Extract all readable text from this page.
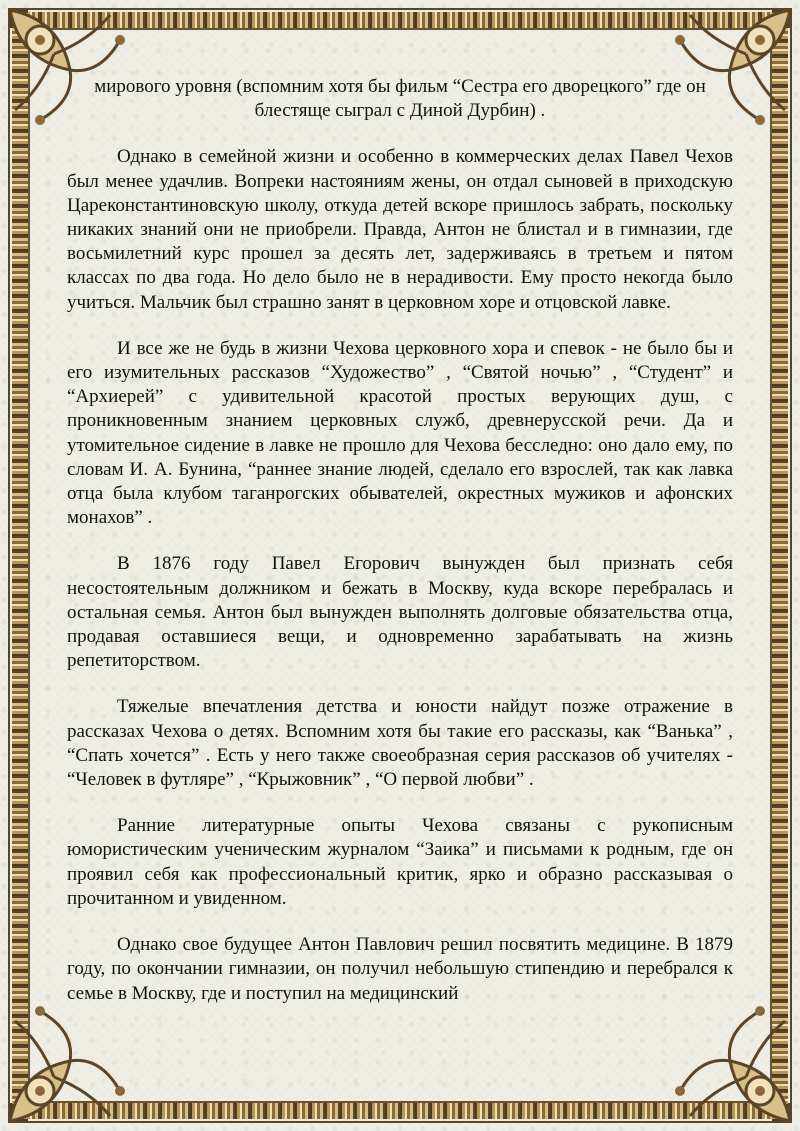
мирового уровня (вспомним хотя бы фильм “Сестра его дворецкого” где он блестяще сыграл с Диной Дурбин) .

Однако в семейной жизни и особенно в коммерческих делах Павел Чехов был менее удачлив. Вопреки настояниям жены, он отдал сыновей в приходскую Цареконстантиновскую школу, откуда детей вскоре пришлось забрать, поскольку никаких знаний они не приобрели. Правда, Антон не блистал и в гимназии, где восьмилетний курс прошел за десять лет, задерживаясь в третьем и пятом классах по два года. Но дело было не в нерадивости. Ему просто некогда было учиться. Мальчик был страшно занят в церковном хоре и отцовской лавке.

И все же не будь в жизни Чехова церковного хора и спевок - не было бы и его изумительных рассказов “Художество” , “Святой ночью” , “Студент” и “Архиерей” с удивительной красотой простых верующих душ, с проникновенным знанием церковных служб, древнерусской речи. Да и утомительное сидение в лавке не прошло для Чехова бесследно: оно дало ему, по словам И. А. Бунина, “раннее знание людей, сделало его взрослей, так как лавка отца была клубом таганрогских обывателей, окрестных мужиков и афонских монахов” .

В 1876 году Павел Егорович вынужден был признать себя несостоятельным должником и бежать в Москву, куда вскоре перебралась и остальная семья. Антон был вынужден выполнять долговые обязательства отца, продавая оставшиеся вещи, и одновременно зарабатывать на жизнь репетиторством.

Тяжелые впечатления детства и юности найдут позже отражение в рассказах Чехова о детях. Вспомним хотя бы такие его рассказы, как “Ванька” , “Спать хочется” . Есть у него также своеобразная серия рассказов об учителях - “Человек в футляре” , “Крыжовник” , “О первой любви” .

Ранние литературные опыты Чехова связаны с рукописным юмористическим ученическим журналом “Заика” и письмами к родным, где он проявил себя как профессиональный критик, ярко и образно рассказывая о прочитанном и увиденном.

Однако свое будущее Антон Павлович решил посвятить медицине. В 1879 году, по окончании гимназии, он получил небольшую стипендию и перебрался к семье в Москву, где и поступил на медицинский
